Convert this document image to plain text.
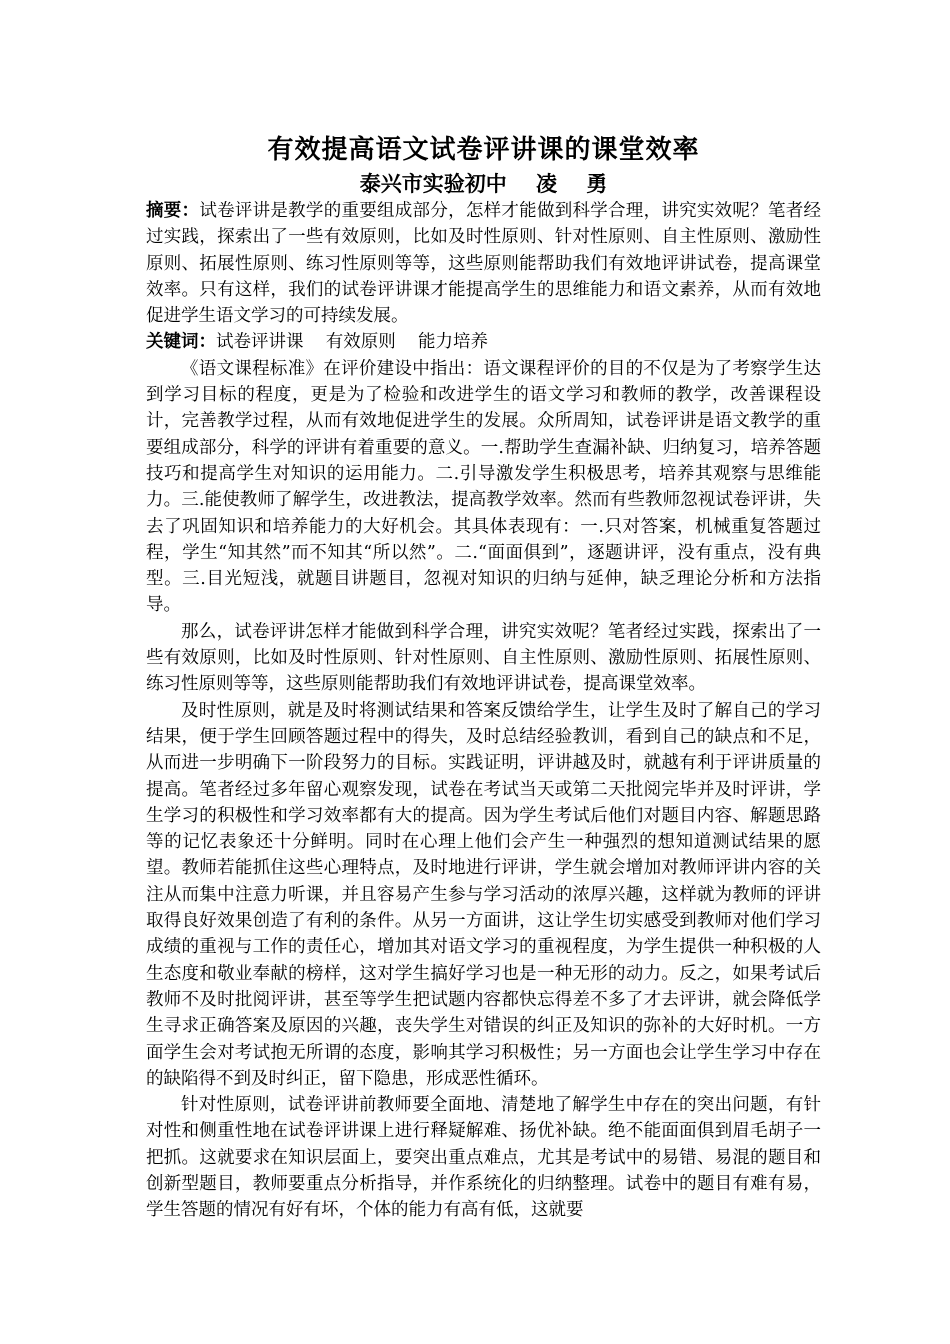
有效提高语文试卷评讲课的课堂效率

泰兴市实验初中    凌    勇

摘要：试卷评讲是教学的重要组成部分，怎样才能做到科学合理，讲究实效呢？笔者经过实践，探索出了一些有效原则，比如及时性原则、针对性原则、自主性原则、激励性原则、拓展性原则、练习性原则等等，这些原则能帮助我们有效地评讲试卷，提高课堂效率。只有这样，我们的试卷评讲课才能提高学生的思维能力和语文素养，从而有效地促进学生语文学习的可持续发展。

关键词：试卷评讲课    有效原则    能力培养

《语文课程标准》在评价建设中指出：语文课程评价的目的不仅是为了考察学生达到学习目标的程度，更是为了检验和改进学生的语文学习和教师的教学，改善课程设计，完善教学过程，从而有效地促进学生的发展。众所周知，试卷评讲是语文教学的重要组成部分，科学的评讲有着重要的意义。一.帮助学生查漏补缺、归纳复习，培养答题技巧和提高学生对知识的运用能力。二.引导激发学生积极思考，培养其观察与思维能力。三.能使教师了解学生，改进教法，提高教学效率。然而有些教师忽视试卷评讲，失去了巩固知识和培养能力的大好机会。其具体表现有：一.只对答案，机械重复答题过程，学生“知其然”而不知其“所以然”。二.“面面俱到”，逐题讲评，没有重点，没有典型。三.目光短浅，就题目讲题目，忽视对知识的归纳与延伸，缺乏理论分析和方法指导。

那么，试卷评讲怎样才能做到科学合理，讲究实效呢？笔者经过实践，探索出了一些有效原则，比如及时性原则、针对性原则、自主性原则、激励性原则、拓展性原则、练习性原则等等，这些原则能帮助我们有效地评讲试卷，提高课堂效率。

及时性原则，就是及时将测试结果和答案反馈给学生，让学生及时了解自己的学习结果，便于学生回顾答题过程中的得失，及时总结经验教训，看到自己的缺点和不足，从而进一步明确下一阶段努力的目标。实践证明，评讲越及时，就越有利于评讲质量的提高。笔者经过多年留心观察发现，试卷在考试当天或第二天批阅完毕并及时评讲，学生学习的积极性和学习效率都有大的提高。因为学生考试后他们对题目内容、解题思路等的记忆表象还十分鲜明。同时在心理上他们会产生一种强烈的想知道测试结果的愿望。教师若能抓住这些心理特点，及时地进行评讲，学生就会增加对教师评讲内容的关注从而集中注意力听课，并且容易产生参与学习活动的浓厚兴趣，这样就为教师的评讲取得良好效果创造了有利的条件。从另一方面讲，这让学生切实感受到教师对他们学习成绩的重视与工作的责任心，增加其对语文学习的重视程度，为学生提供一种积极的人生态度和敬业奉献的榜样，这对学生搞好学习也是一种无形的动力。反之，如果考试后教师不及时批阅评讲，甚至等学生把试题内容都快忘得差不多了才去评讲，就会降低学生寻求正确答案及原因的兴趣，丧失学生对错误的纠正及知识的弥补的大好时机。一方面学生会对考试抱无所谓的态度，影响其学习积极性；另一方面也会让学生学习中存在的缺陷得不到及时纠正，留下隐患，形成恶性循环。

针对性原则，试卷评讲前教师要全面地、清楚地了解学生中存在的突出问题，有针对性和侧重性地在试卷评讲课上进行释疑解难、扬优补缺。绝不能面面俱到眉毛胡子一把抓。这就要求在知识层面上，要突出重点难点，尤其是考试中的易错、易混的题目和创新型题目，教师要重点分析指导，并作系统化的归纳整理。试卷中的题目有难有易，学生答题的情况有好有坏，个体的能力有高有低，这就要
